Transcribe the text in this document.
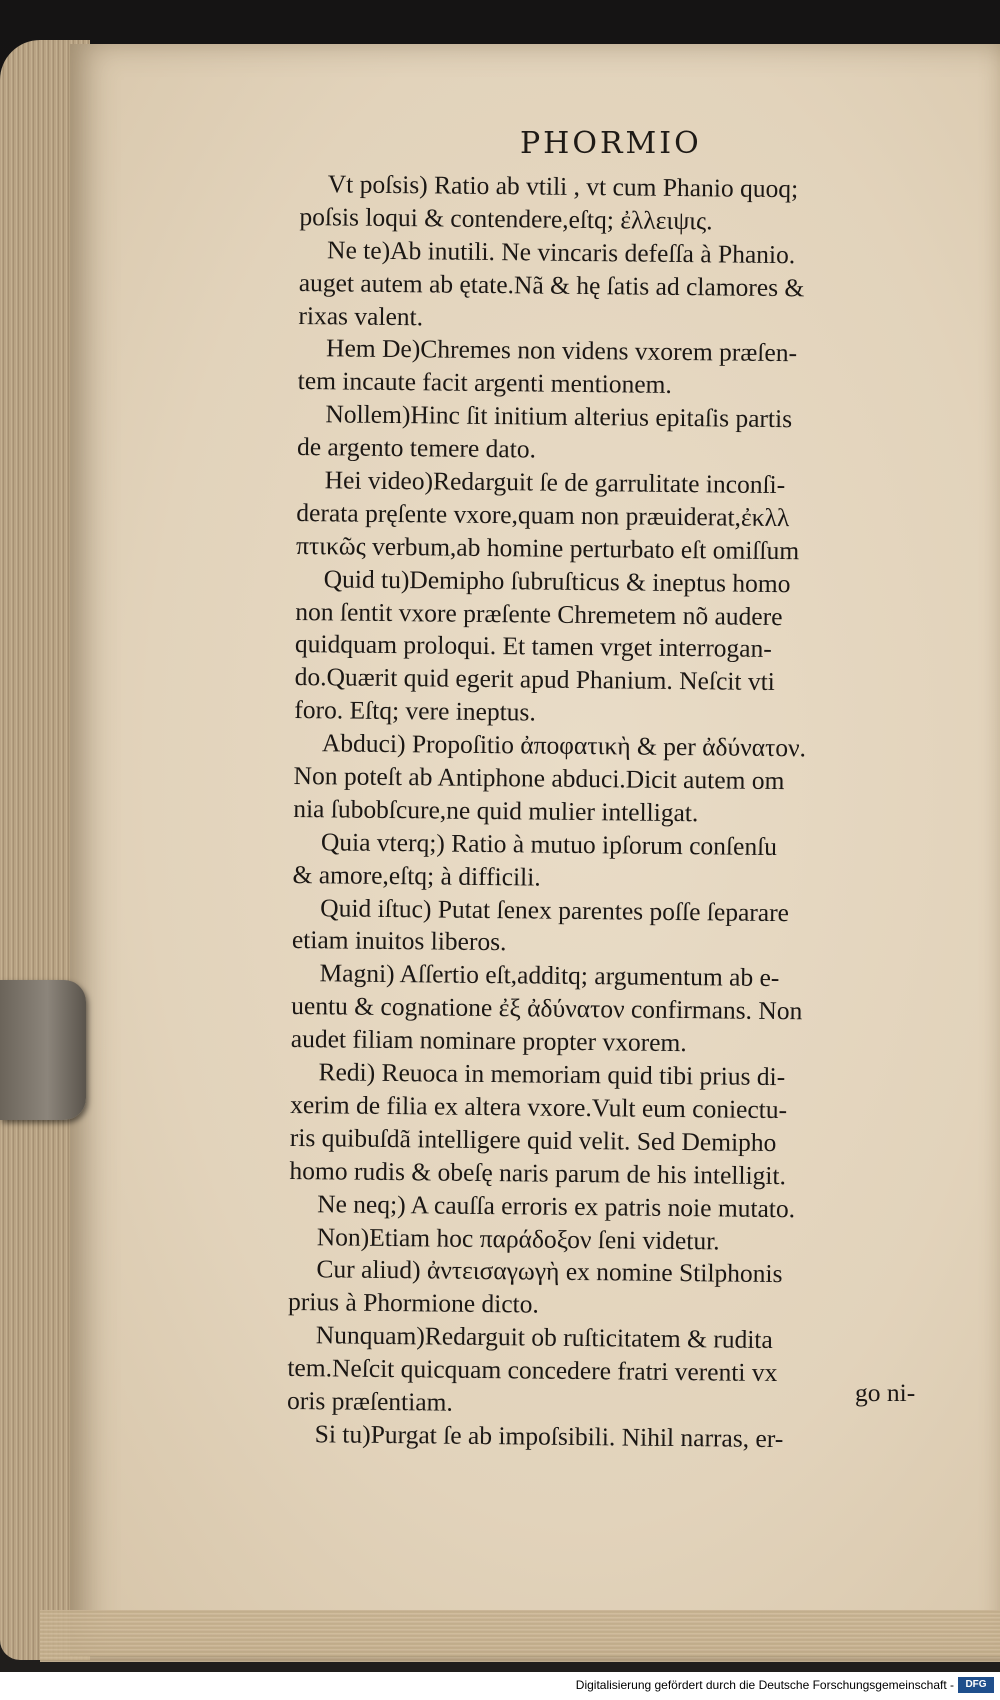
PHORMIO
Vt poſsis) Ratio ab vtili , vt cum Phanio quoq;
poſsis loqui & contendere,eſtq; ἐλλειψις.
Ne te)Ab inutili. Ne vincaris defeſſa à Phanio.
auget autem ab ętate.Nã & hę ſatis ad clamores &
rixas valent.
Hem De)Chremes non videns vxorem præſen-
tem incaute facit argenti mentionem.
Nollem)Hinc ſit initium alterius epitaſis partis
de argento temere dato.
Hei video)Redarguit ſe de garrulitate inconſi-
derata pręſente vxore,quam non præuiderat,ἐκλλ
πτικῶς verbum,ab homine perturbato eſt omiſſum
Quid tu)Demipho ſubruſticus & ineptus homo
non ſentit vxore præſente Chremetem nõ audere
quidquam proloqui. Et tamen vrget interrogan-
do.Quærit quid egerit apud Phanium. Neſcit vti
foro. Eſtq; vere ineptus.
Abduci) Propoſitio ἀποφατικὴ & per ἀδύνατον.
Non poteſt ab Antiphone abduci.Dicit autem om
nia ſubobſcure,ne quid mulier intelligat.
Quia vterq;) Ratio à mutuo ipſorum conſenſu
& amore,eſtq; à difficili.
Quid iſtuc) Putat ſenex parentes poſſe ſeparare
etiam inuitos liberos.
Magni) Aſſertio eſt,additq; argumentum ab e-
uentu & cognatione ἐξ ἀδύνατον confirmans. Non
audet filiam nominare propter vxorem.
Redi) Reuoca in memoriam quid tibi prius di-
xerim de filia ex altera vxore.Vult eum coniectu-
ris quibuſdã intelligere quid velit. Sed Demipho
homo rudis & obeſę naris parum de his intelligit.
Ne neq;) A cauſſa erroris ex patris noie mutato.
Non)Etiam hoc παράδοξον ſeni videtur.
Cur aliud) ἀντεισαγωγὴ ex nomine Stilphonis
prius à Phormione dicto.
Nunquam)Redarguit ob ruſticitatem & rudita
tem.Neſcit quicquam concedere fratri verenti vx
oris præſentiam.
Si tu)Purgat ſe ab impoſsibili. Nihil narras, er-
go ni-
Digitalisierung gefördert durch die Deutsche Forschungsgemeinschaft -	DFG
